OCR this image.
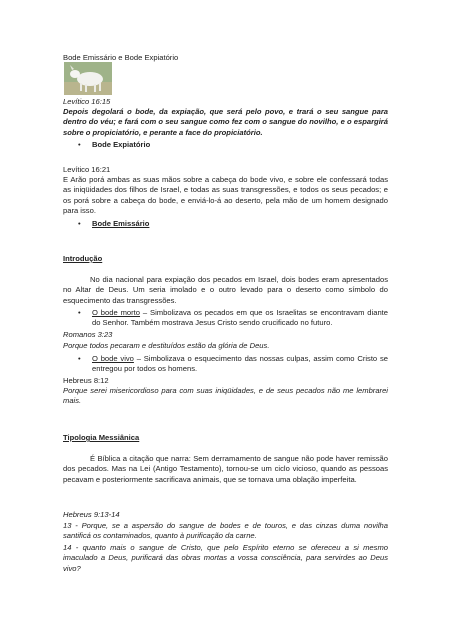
Bode Emissário e Bode Expiatório
Levítico 16:15
Depois degolará o bode, da expiação, que será pelo povo, e trará o seu sangue para dentro do véu; e fará com o seu sangue como fez com o sangue do novilho, e o espargirá sobre o propiciatório, e perante a face do propiciatório.
• Bode Expiatório
Levítico 16:21
E Arão porá ambas as suas mãos sobre a cabeça do bode vivo, e sobre ele confessará todas as iniqüidades dos filhos de Israel, e todas as suas transgressões, e todos os seus pecados; e os porá sobre a cabeça do bode, e enviá-lo-á ao deserto, pela mão de um homem designado para isso.
• Bode Emissário
Introdução
No dia nacional para expiação dos pecados em Israel, dois bodes eram apresentados no Altar de Deus. Um seria imolado e o outro levado para o deserto como símbolo do esquecimento das transgressões.
• O bode morto – Simbolizava os pecados em que os Israelitas se encontravam diante do Senhor. Também mostrava Jesus Cristo sendo crucificado no futuro.
Romanos 3:23
Porque todos pecaram e destituídos estão da glória de Deus.
• O bode vivo – Simbolizava o esquecimento das nossas culpas, assim como Cristo se entregou por todos os homens.
Hebreus 8:12
Porque serei misericordioso para com suas iniqüidades, e de seus pecados não me lembrarei mais.
Tipologia Messiânica
É Bíblica a citação que narra: Sem derramamento de sangue não pode haver remissão dos pecados. Mas na Lei (Antigo Testamento), tornou-se um ciclo vicioso, quando as pessoas pecavam e posteriormente sacrificava animais, que se tornava uma oblação imperfeita.
Hebreus 9:13-14
13 - Porque, se a aspersão do sangue de bodes e de touros, e das cinzas duma novilha santificá os contaminados, quanto à purificação da carne.
14 - quanto mais o sangue de Cristo, que pelo Espírito eterno se ofereceu a si mesmo imaculado a Deus, purificará das obras mortas a vossa consciência, para servirdes ao Deus vivo?
